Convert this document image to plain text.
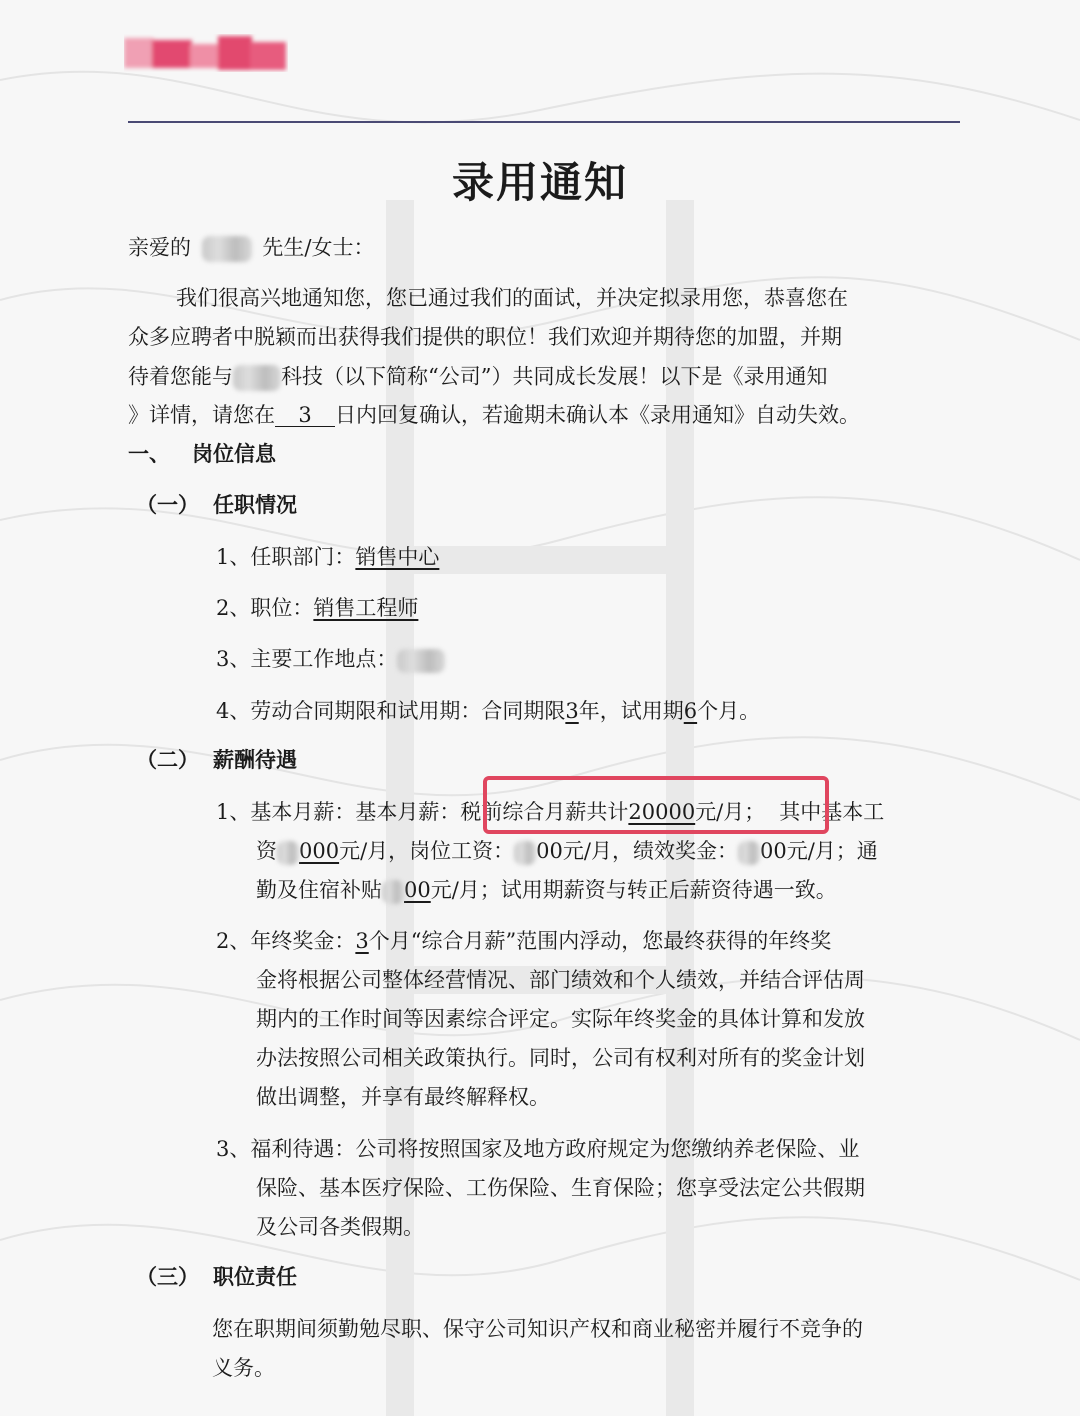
录用通知
亲爱的	先生/女士：
我们很高兴地通知您，您已通过我们的面试，并决定拟录用您，恭喜您在
众多应聘者中脱颖而出获得我们提供的职位！我们欢迎并期待您的加盟，并期
待着您能与 科技（以下简称“公司”）共同成长发展！以下是《录用通知
》详情，请您在 3 日内回复确认，若逾期未确认本《录用通知》自动失效。
一、 岗位信息
（一） 任职情况
1、任职部门：销售中心
2、职位：销售工程师
3、主要工作地点：
4、劳动合同期限和试用期：合同期限3年，试用期6个月。
（二） 薪酬待遇
1、基本月薪：基本月薪：税前综合月薪共计20000元/月； 其中基本工
资 000元/月，岗位工资： 00元/月，绩效奖金： 00元/月；通
勤及住宿补贴 00元/月；试用期薪资与转正后薪资待遇一致。
2、年终奖金：3个月“综合月薪”范围内浮动，您最终获得的年终奖
金将根据公司整体经营情况、部门绩效和个人绩效，并结合评估周
期内的工作时间等因素综合评定。实际年终奖金的具体计算和发放
办法按照公司相关政策执行。同时，公司有权利对所有的奖金计划
做出调整，并享有最终解释权。
3、福利待遇：公司将按照国家及地方政府规定为您缴纳养老保险、业
保险、基本医疗保险、工伤保险、生育保险；您享受法定公共假期
及公司各类假期。
（三） 职位责任
您在职期间须勤勉尽职、保守公司知识产权和商业秘密并履行不竞争的
义务。
